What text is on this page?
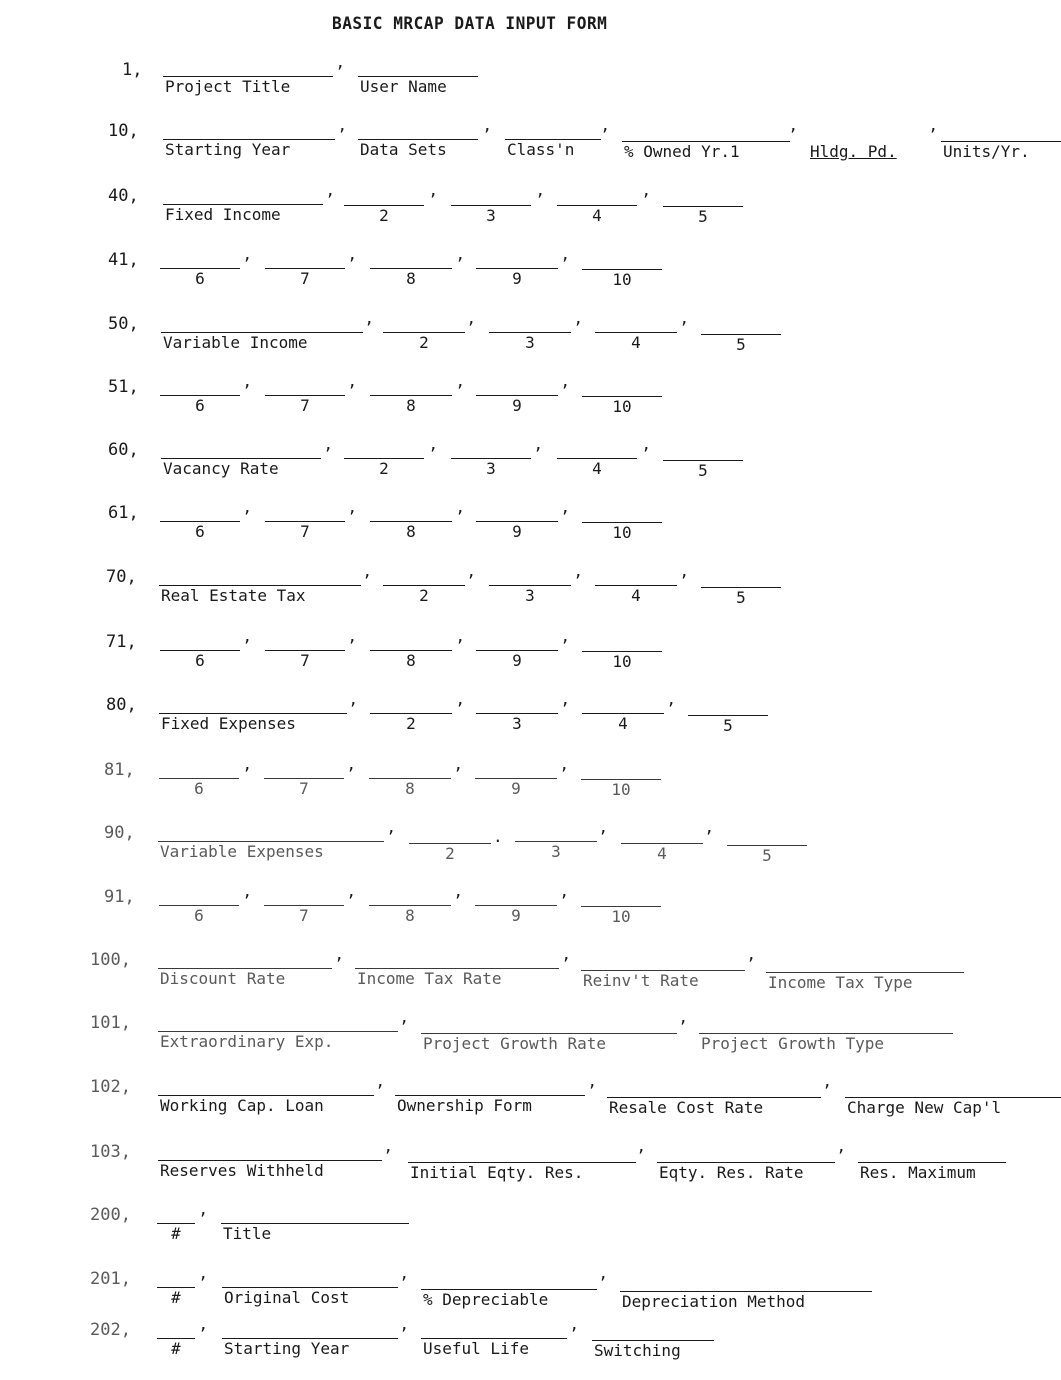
BASIC MRCAP DATA INPUT FORM
1,
Project Title
’
User Name
10,
Starting Year
’
Data Sets
’
Class'n
’
% Owned Yr.1
’
Hldg. Pd.
’
Units/Yr.
40,
Fixed Income
’
2
’
3
’
4
’
5
41,
6
’
7
’
8
’
9
’
10
50,
Variable Income
’
2
’
3
’
4
’
5
51,
6
’
7
’
8
’
9
’
10
60,
Vacancy Rate
’
2
’
3
’
4
’
5
61,
6
’
7
’
8
’
9
’
10
70,
Real Estate Tax
’
2
’
3
’
4
’
5
71,
6
’
7
’
8
’
9
’
10
80,
Fixed Expenses
’
2
’
3
’
4
’
5
81,
6
’
7
’
8
’
9
’
10
90,
Variable Expenses
’
2
.
3
’
4
’
5
91,
6
’
7
’
8
’
9
’
10
100,
Discount Rate
’
Income Tax Rate
’
Reinv't Rate
’
Income Tax Type
101,
Extraordinary Exp.
’
Project Growth Rate
’
Project Growth Type
102,
Working Cap. Loan
’
Ownership Form
’
Resale Cost Rate
’
Charge New Cap'l
103,
Reserves Withheld
’
Initial Eqty. Res.
’
Eqty. Res. Rate
’
Res. Maximum
200,
#
’
Title
201,
#
’
Original Cost
’
% Depreciable
’
Depreciation Method
202,
#
’
Starting Year
’
Useful Life
’
Switching
